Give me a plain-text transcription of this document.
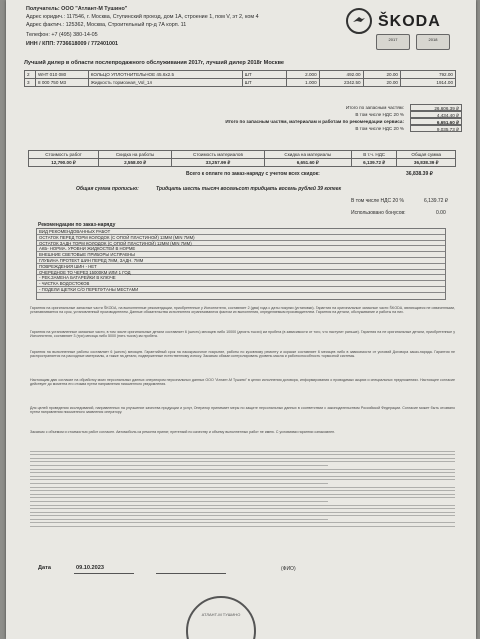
Получатель: ООО "Атлант-М Тушино"
Адрес юридич.: 117546, г. Москва, Ступинский проезд, дом 1А, строение 1, пом V, эт 2, ком 4
Адрес фактич.: 125362, Москва, Строительный пр-д 7А корп. 11
Телефон: +7 (495) 380-14-05
ИНН / КПП: 7736618009 / 772401001
ŠKODA
2017	2018
Лучший дилер в области послепродажного обслуживания 2017г, лучший дилер 2018г Москве
2	WHT 010 080	КОЛЬЦО УПЛОТНИТЕЛЬНОЕ 45.6x2.5	ШТ	2.000	492.00	20.00	792.00
3	8 000 750 M3	Жидкость тормозная_Vol_1л	ШТ	1.000	2342.50	20.00	1914.00
Итого по запасным частям:	26,606.39 ₽
В том числе НДС 20 %	4,434.40 ₽
Итого по запасным частям, материалам и работам по рекомендации сервиса:	6,651.60 ₽
В том числе НДС 20 %	9,035.73 ₽
Стоимость работ	Скидка на работы	Стоимость материалов	Скидка на материалы	В т.ч. НДС	Общая сумма
12,790.00 ₽	2,558.00 ₽	33,257.99 ₽	6,651.60 ₽	6,139.72 ₽	36,838.39 ₽
Всего к оплате по заказ-наряду с учетом всех скидок:	36,838.39 ₽
Общая сумма прописью:	Тридцать шесть тысяч восемьсот тридцать восемь рублей 39 копеек
В том числе НДС 20 %	6,139.72 ₽
Использовано бонусов:	0.00
Рекомендации по заказ-наряду
ВИД РЕКОМЕНДОВАННЫХ РАБОТ
ОСТАТОК ПЕРЕД ТОРМ КОЛОДОК (С ОПОЙ ПЛАСТИНОЙ) 13ММ (MIN 7ММ)
ОСТАТОК ЗАДН ТОРМ КОЛОДОК (С ОПОЙ ПЛАСТИНОЙ) 12ММ (MIN 7ММ)
АКБ- НОРМА. УРОВНИ ЖИДКОСТЕЙ В НОРМЕ
ВНЕШНИЕ СВЕТОВЫЕ ПРИБОРЫ ИСПРАВНЫ
ГЛУБИНА ПРОТЕКТ ШИН ПЕРЕД 7ММ, ЗАДН. 7ММ
ПОВРЕЖДЕНИЯ ШИН - НЕТ
ОЧЕРЕДНОЕ ТО ЧЕРЕЗ 15000КМ ИЛИ 1 ГОД
- РЕК.ЗАМЕНА БАТАРЕЙКИ В КЛЮЧЕ
- ЧИСТКА ВОДОСТОКОВ
- ПОДЕЛИ ЩЕТКИ С/О ПЕРЕПУТАНЫ МЕСТАМИ
Гарантия на оригинальные запасные части ŠKODA, на выполненные рекомендации, приобретенные у Исполнителя, составляет 2 (два) года с даты покупки (установки). Гарантия на оригинальные запасные части ŠKODA, являющиеся не охваченными, устанавливается на срок, установленный производителем. Данные обязательства исполнителя ограничиваются фактом их выполнения, определяемым производителем. Гарантия на детали, обслуживание и работы на них.
Гарантия на установленные запасные части, в том числе оригинальные детали составляет 6 (шесть) месяцев либо 10000 (десять тысяч) км пробега (в зависимости от того, что наступит раньше). Гарантия на не оригинальные детали, приобретенные у Исполнителя, составляет 3 (три) месяца либо 5000 (пять тысяч) км пробега.
Гарантия на выполненные работы составляет 6 (шесть) месяцев. Гарантийный срок на лакокрасочное покрытие, работы по кузовному ремонту и окраске составляет 6 месяцев либо в зависимости от условий Договора заказ-наряда. Гарантия не распространяется на расходные материалы, а также на детали, подверженные естественному износу. Заказчик обязан контролировать уровень масла и работоспособность тормозной системы.
Настоящим даю согласие на обработку моих персональных данных оператором персональных данных ООО "Атлант-М Тушино" в целях исполнения договора, информирования о проводимых акциях и специальных предложениях. Настоящее согласие действует до момента его отзыва путем направления письменного уведомления.
Для целей проведения исследований, направленных на улучшение качества продукции и услуг, Оператор принимает меры по защите персональных данных в соответствии с законодательством Российской Федерации. Согласие может быть отозвано путем направления письменного заявления оператору.
Заказчик с объемом и стоимостью работ согласен. Автомобиль из ремонта принят, претензий по качеству и объему выполненных работ не имею. С условиями гарантии ознакомлен.
Дата	09.10.2023	(ФИО)
АТЛАНТ-М ТУШИНО
